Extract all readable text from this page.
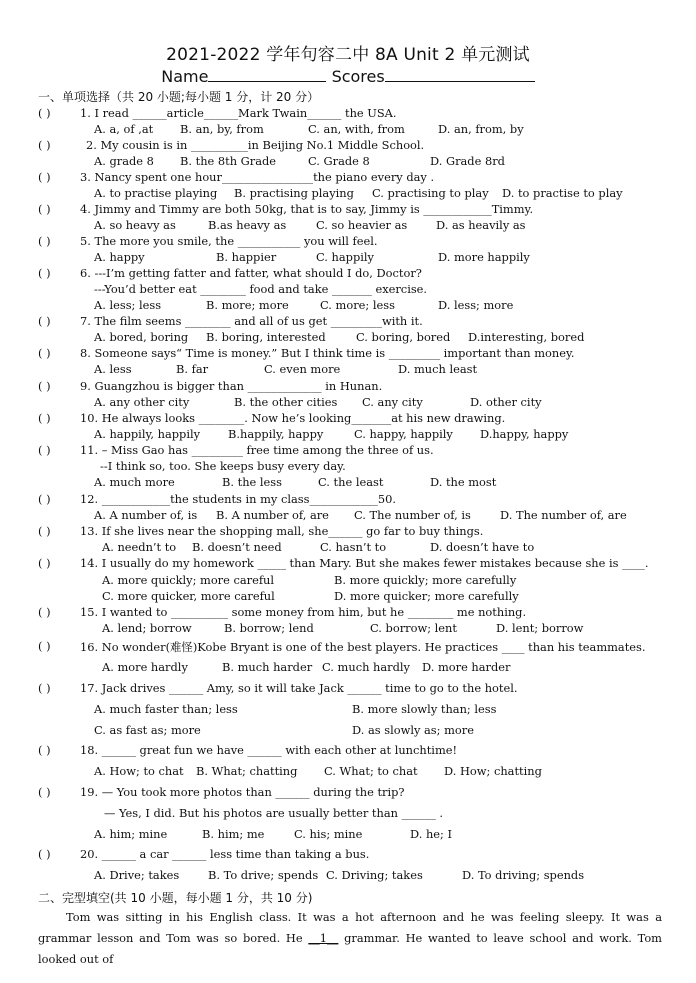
2021-2022 学年句容二中 8A Unit 2 单元测试
Name	Scores
一、单项选择（共 20 小题;每小题 1 分，计 20 分）
( )	1. I read ______article______Mark Twain______ the USA.
A. a, of ,at B. an, by, from	C. an, with, from	D. an, from, by
( )	2. My cousin is in __________in Beijing No.1 Middle School.
A. grade 8 B. the 8th Grade	C. Grade 8	D. Grade 8rd
( )	3. Nancy spent one hour________________the piano every day .
A. to practise playing B. practising playing C. practising to play D. to practise to play
( )	4. Jimmy and Timmy are both 50kg, that is to say, Jimmy is ____________Timmy.
A. so heavy as	B.as heavy as	C. so heavier as	D. as heavily as
( )	5. The more you smile, the ___________ you will feel.
A. happy	B. happier	C. happily	D. more happily
( )	6. ---I’m getting fatter and fatter, what should I do, Doctor?
---You’d better eat ________ food and take _______ exercise.
A. less; less	B. more; more	C. more; less	D. less; more
( )	7. The film seems ________ and all of us get _________with it.
A. bored, boring B. boring, interested	C. boring, bored D.interesting, bored
( )	8. Someone says“ Time is money.” But I think time is _________ important than money.
A. less	B. far	C. even more	D. much least
( )	9. Guangzhou is bigger than _____________ in Hunan.
A. any other city	B. the other cities C. any city	D. other city
( )	10. He always looks ________. Now he’s looking_______at his new drawing.
A. happily, happily B.happily, happy	C. happy, happily D.happy, happy
( )	11. – Miss Gao has _________ free time among the three of us.
--I think so, too. She keeps busy every day.
A. much more	B. the less	C. the least	D. the most
( )	12. ____________the students in my class____________50.
A. A number of, is B. A number of, are C. The number of, is	D. The number of, are
( )	13. If she lives near the shopping mall, she______ go far to buy things.
A. needn’t to B. doesn’t need	C. hasn’t to	D. doesn’t have to
( )	14. I usually do my homework _____ than Mary. But she makes fewer mistakes because she is ____.
A. more quickly; more careful	B. more quickly; more carefully
C. more quicker, more careful	D. more quicker; more carefully
( )	15. I wanted to __________ some money from him, but he ________ me nothing.
A. lend; borrow	B. borrow; lend	C. borrow; lent	D. lent; borrow
( )	16. No wonder(难怪)Kobe Bryant is one of the best players. He practices ____ than his teammates.
A. more hardly	B. much harder C. much hardly D. more harder
( )	17. Jack drives ______ Amy, so it will take Jack ______ time to go to the hotel.
A. much faster than; less	B. more slowly than; less
C. as fast as; more	D. as slowly as; more
( )	18. ______ great fun we have ______ with each other at lunchtime!
A. How; to chat B. What; chatting C. What; to chat D. How; chatting
( )	19. — You took more photos than ______ during the trip?
— Yes, I did. But his photos are usually better than ______ .
A. him; mine	B. him; me	C. his; mine	D. he; I
( )	20. ______ a car ______ less time than taking a bus.
A. Drive; takes	B. To drive; spends C. Driving; takes	D. To driving; spends
二、完型填空(共 10 小题，每小题 1 分，共 10 分)
Tom was sitting in his English class. It was a hot afternoon and he was feeling sleepy. It was a grammar lesson and Tom was so bored. He __1__ grammar. He wanted to leave school and work. Tom looked out of
